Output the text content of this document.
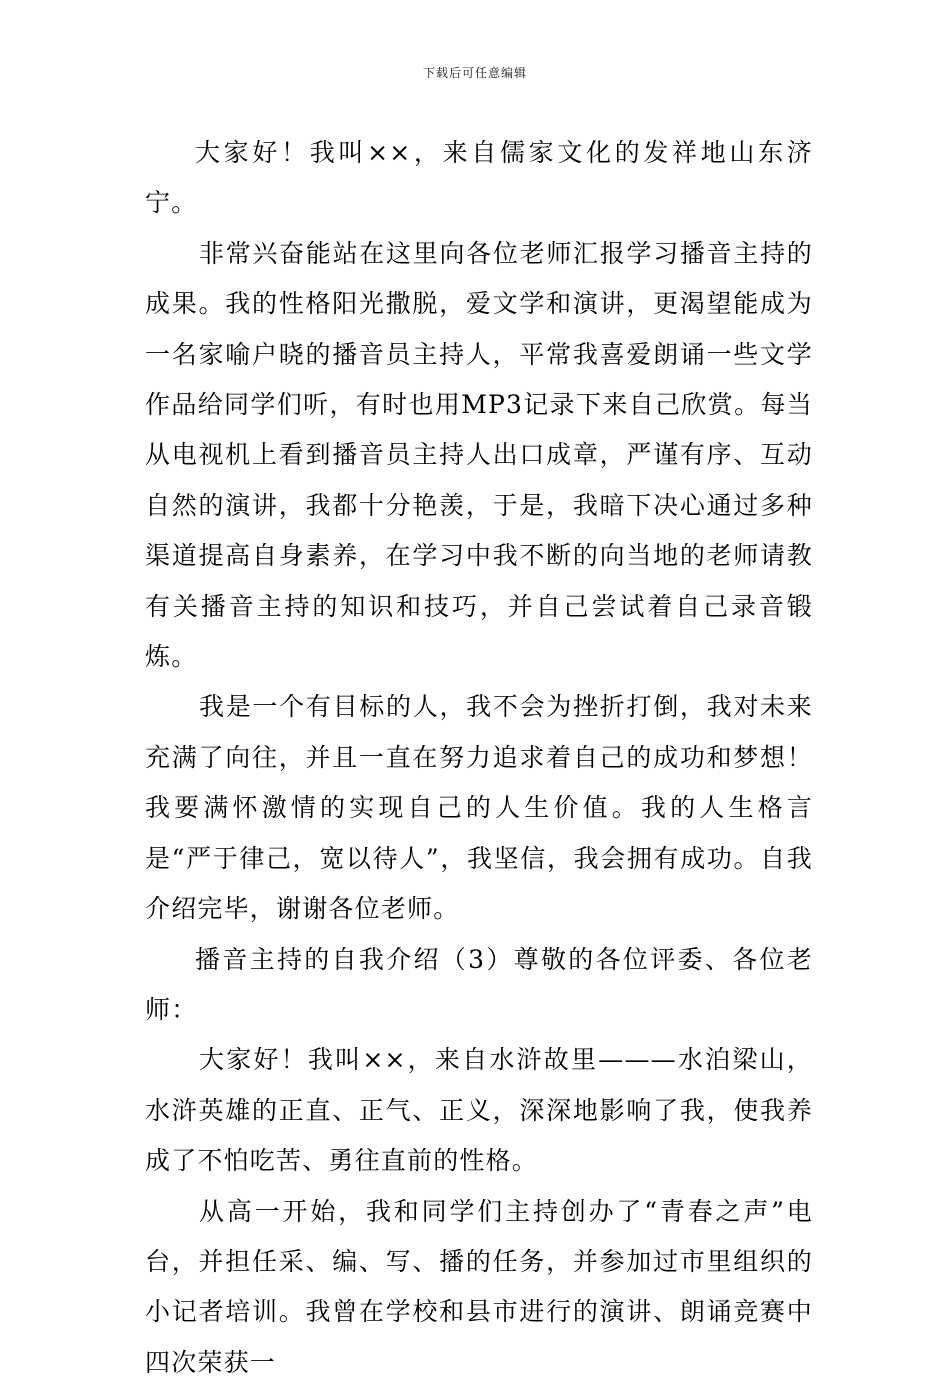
下载后可任意编辑

大家好！我叫××，来自儒家文化的发祥地山东济宁。

非常兴奋能站在这里向各位老师汇报学习播音主持的成果。我的性格阳光撒脱，爱文学和演讲，更渴望能成为一名家喻户晓的播音员主持人，平常我喜爱朗诵一些文学作品给同学们听，有时也用MP3记录下来自己欣赏。每当从电视机上看到播音员主持人出口成章，严谨有序、互动自然的演讲，我都十分艳羡，于是，我暗下决心通过多种渠道提高自身素养，在学习中我不断的向当地的老师请教有关播音主持的知识和技巧，并自己尝试着自己录音锻炼。

我是一个有目标的人，我不会为挫折打倒，我对未来充满了向往，并且一直在努力追求着自己的成功和梦想！我要满怀激情的实现自己的人生价值。我的人生格言是“严于律己，宽以待人”，我坚信，我会拥有成功。自我介绍完毕，谢谢各位老师。

播音主持的自我介绍（3）尊敬的各位评委、各位老师：

大家好！我叫××，来自水浒故里———水泊梁山，水浒英雄的正直、正气、正义，深深地影响了我，使我养成了不怕吃苦、勇往直前的性格。

从高一开始，我和同学们主持创办了“青春之声”电台，并担任采、编、写、播的任务，并参加过市里组织的小记者培训。我曾在学校和县市进行的演讲、朗诵竞赛中四次荣获一
